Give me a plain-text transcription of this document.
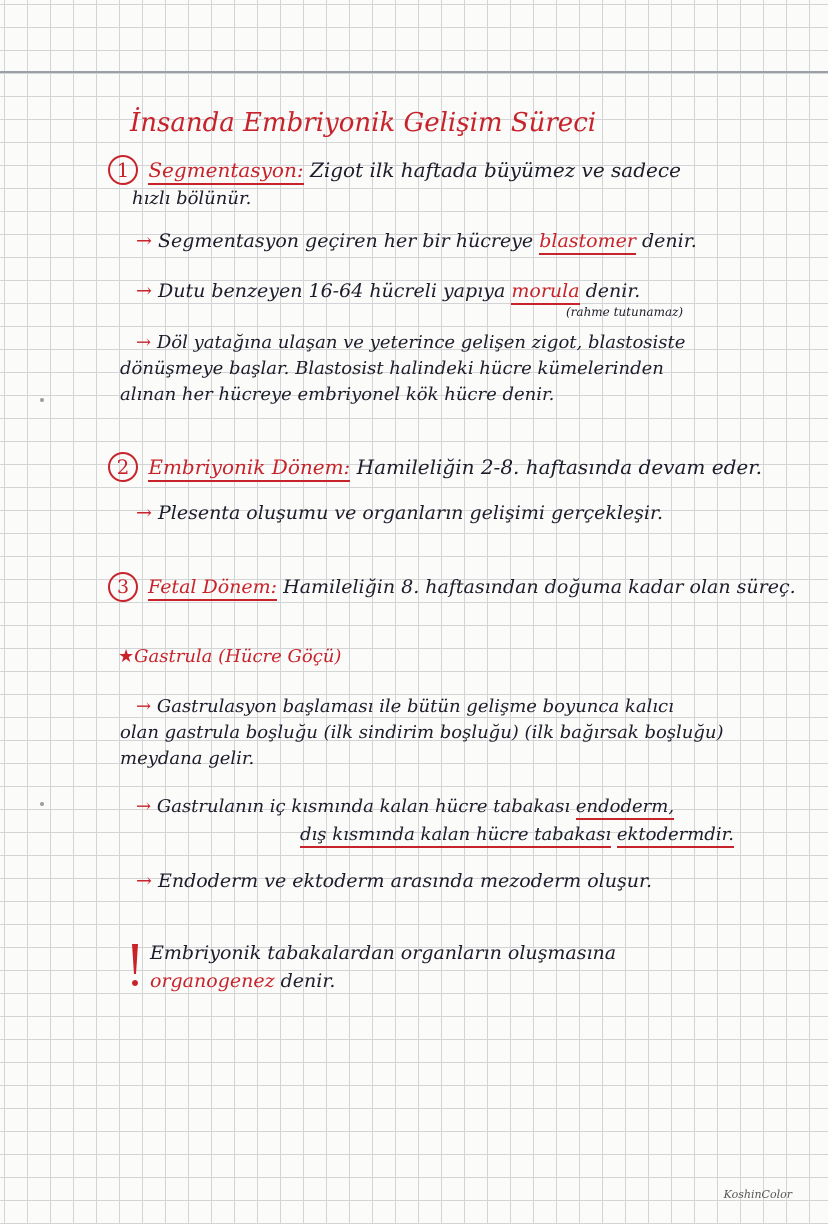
İnsanda Embriyonik Gelişim Süreci
1 Segmentasyon: Zigot ilk haftada büyümez ve sadece
hızlı bölünür.
→ Segmentasyon geçiren her bir hücreye blastomer denir.
→ Dutu benzeyen 16-64 hücreli yapıya morula denir.
(rahme tutunamaz)
→ Döl yatağına ulaşan ve yeterince gelişen zigot, blastosiste
dönüşmeye başlar. Blastosist halindeki hücre kümelerinden
alınan her hücreye embriyonel kök hücre denir.
2 Embriyonik Dönem: Hamileliğin 2-8. haftasında devam eder.
→ Plesenta oluşumu ve organların gelişimi gerçekleşir.
3 Fetal Dönem: Hamileliğin 8. haftasından doğuma kadar olan süreç.
★Gastrula (Hücre Göçü)
→ Gastrulasyon başlaması ile bütün gelişme boyunca kalıcı
olan gastrula boşluğu (ilk sindirim boşluğu) (ilk bağırsak boşluğu)
meydana gelir.
→ Gastrulanın iç kısmında kalan hücre tabakası endoderm,
dış kısmında kalan hücre tabakası ektodermdir.
→ Endoderm ve ektoderm arasında mezoderm oluşur.
Embriyonik tabakalardan organların oluşmasına
organogenez denir.
KoshinColor
